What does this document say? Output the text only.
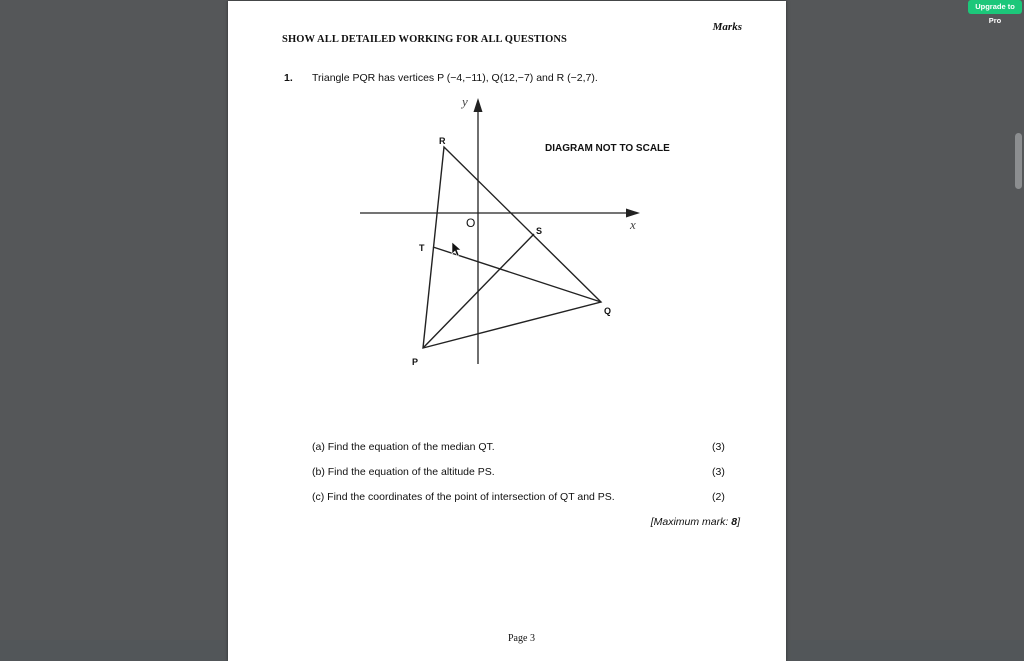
Marks
SHOW ALL DETAILED WORKING FOR ALL QUESTIONS
1. Triangle PQR has vertices P (−4,−11), Q(12,−7) and R (−2,7).
R
P
Q
S
T
O	x
y
DIAGRAM NOT TO SCALE
(a) Find the equation of the median QT.	(3)
(b) Find the equation of the altitude PS.	(3)
(c) Find the coordinates of the point of intersection of QT and PS.	(2)
[Maximum mark: 8]
Page 3
Upgrade to Pro
